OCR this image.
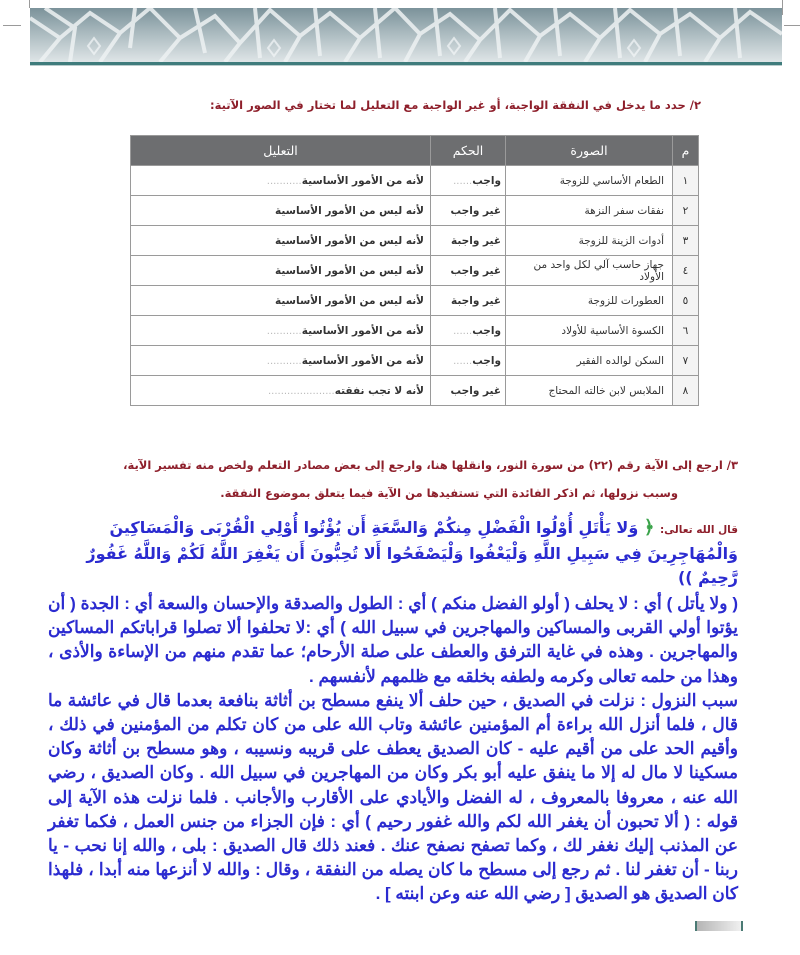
٢/ حدد ما يدخل في النفقة الواجبة، أو غير الواجبة مع التعليل لما تختار في الصور الآتية:
م	الصورة	الحكم	التعليل
١	الطعام الأساسي للزوجة	واجب......	لأنه من الأمور الأساسية...........
٢	نفقات سفر النزهة	غير واجب	لأنه ليس من الأمور الأساسية
٣	أدوات الزينة للزوجة	غير واجبة	لأنه ليس من الأمور الأساسية
٤	جهاز حاسب آلي لكل واحد من الأولاد	غير واجب	لأنه ليس من الأمور الأساسية
٥	العطورات للزوجة	غير واجبة	لأنه ليس من الأمور الأساسية
٦	الكسوة الأساسية للأولاد	واجب......	لأنه من الأمور الأساسية...........
٧	السكن لوالده الفقير	واجب......	لأنه من الأمور الأساسية...........
٨	الملابس لابن خالته المحتاج	غير واجب	لأنه لا تجب نفقته.....................
٣/ ارجع إلى الآية رقم (٢٢) من سورة النور، وانقلها هنا، وارجع إلى بعض مصادر التعلم ولخص منه تفسير الآية،
وسبب نزولها، ثم اذكر الفائدة التي تستفيدها من الآية فيما يتعلق بموضوع النفقة.
قال الله تعالى: ﴿ وَلا يَأْتَلِ أُوْلُوا الْفَضْلِ مِنكُمْ وَالسَّعَةِ أَن يُؤْتُوا أُوْلِي الْقُرْبَى وَالْمَسَاكِينَ وَالْمُهَاجِرِينَ فِي سَبِيلِ اللَّهِ وَلْيَعْفُوا وَلْيَصْفَحُوا أَلا تُحِبُّونَ أَن يَغْفِرَ اللَّهُ لَكُمْ وَاللَّهُ غَفُورٌ رَّحِيمٌ ))
( ولا يأتل ) أي : لا يحلف ( أولو الفضل منكم ) أي : الطول والصدقة والإحسان والسعة أي : الجدة ( أن يؤتوا أولي القربى والمساكين والمهاجرين في سبيل الله ) أي :لا تحلفوا ألا تصلوا قراباتكم المساكين والمهاجرين . وهذه في غاية الترفق والعطف على صلة الأرحام؛ عما تقدم منهم من الإساءة والأذى ، وهذا من حلمه تعالى وكرمه ولطفه بخلقه مع ظلمهم لأنفسهم .
سبب النزول : نزلت في الصديق ، حين حلف ألا ينفع مسطح بن أثاثة بنافعة بعدما قال في عائشة ما قال ، فلما أنزل الله براءة أم المؤمنين عائشة وتاب الله على من كان تكلم من المؤمنين في ذلك ، وأقيم الحد على من أقيم عليه - كان الصديق يعطف على قريبه ونسيبه ، وهو مسطح بن أثاثة وكان مسكينا لا مال له إلا ما ينفق عليه أبو بكر وكان من المهاجرين في سبيل الله . وكان الصديق ، رضي الله عنه ، معروفا بالمعروف ، له الفضل والأيادي على الأقارب والأجانب . فلما نزلت هذه الآية إلى قوله : ( ألا تحبون أن يغفر الله لكم والله غفور رحيم ) أي : فإن الجزاء من جنس العمل ، فكما تغفر عن المذنب إليك نغفر لك ، وكما تصفح نصفح عنك . فعند ذلك قال الصديق : بلى ، والله إنا نحب - يا ربنا - أن تغفر لنا . ثم رجع إلى مسطح ما كان يصله من النفقة ، وقال : والله لا أنزعها منه أبدا ، فلهذا كان الصديق هو الصديق [ رضي الله عنه وعن ابنته ] .
